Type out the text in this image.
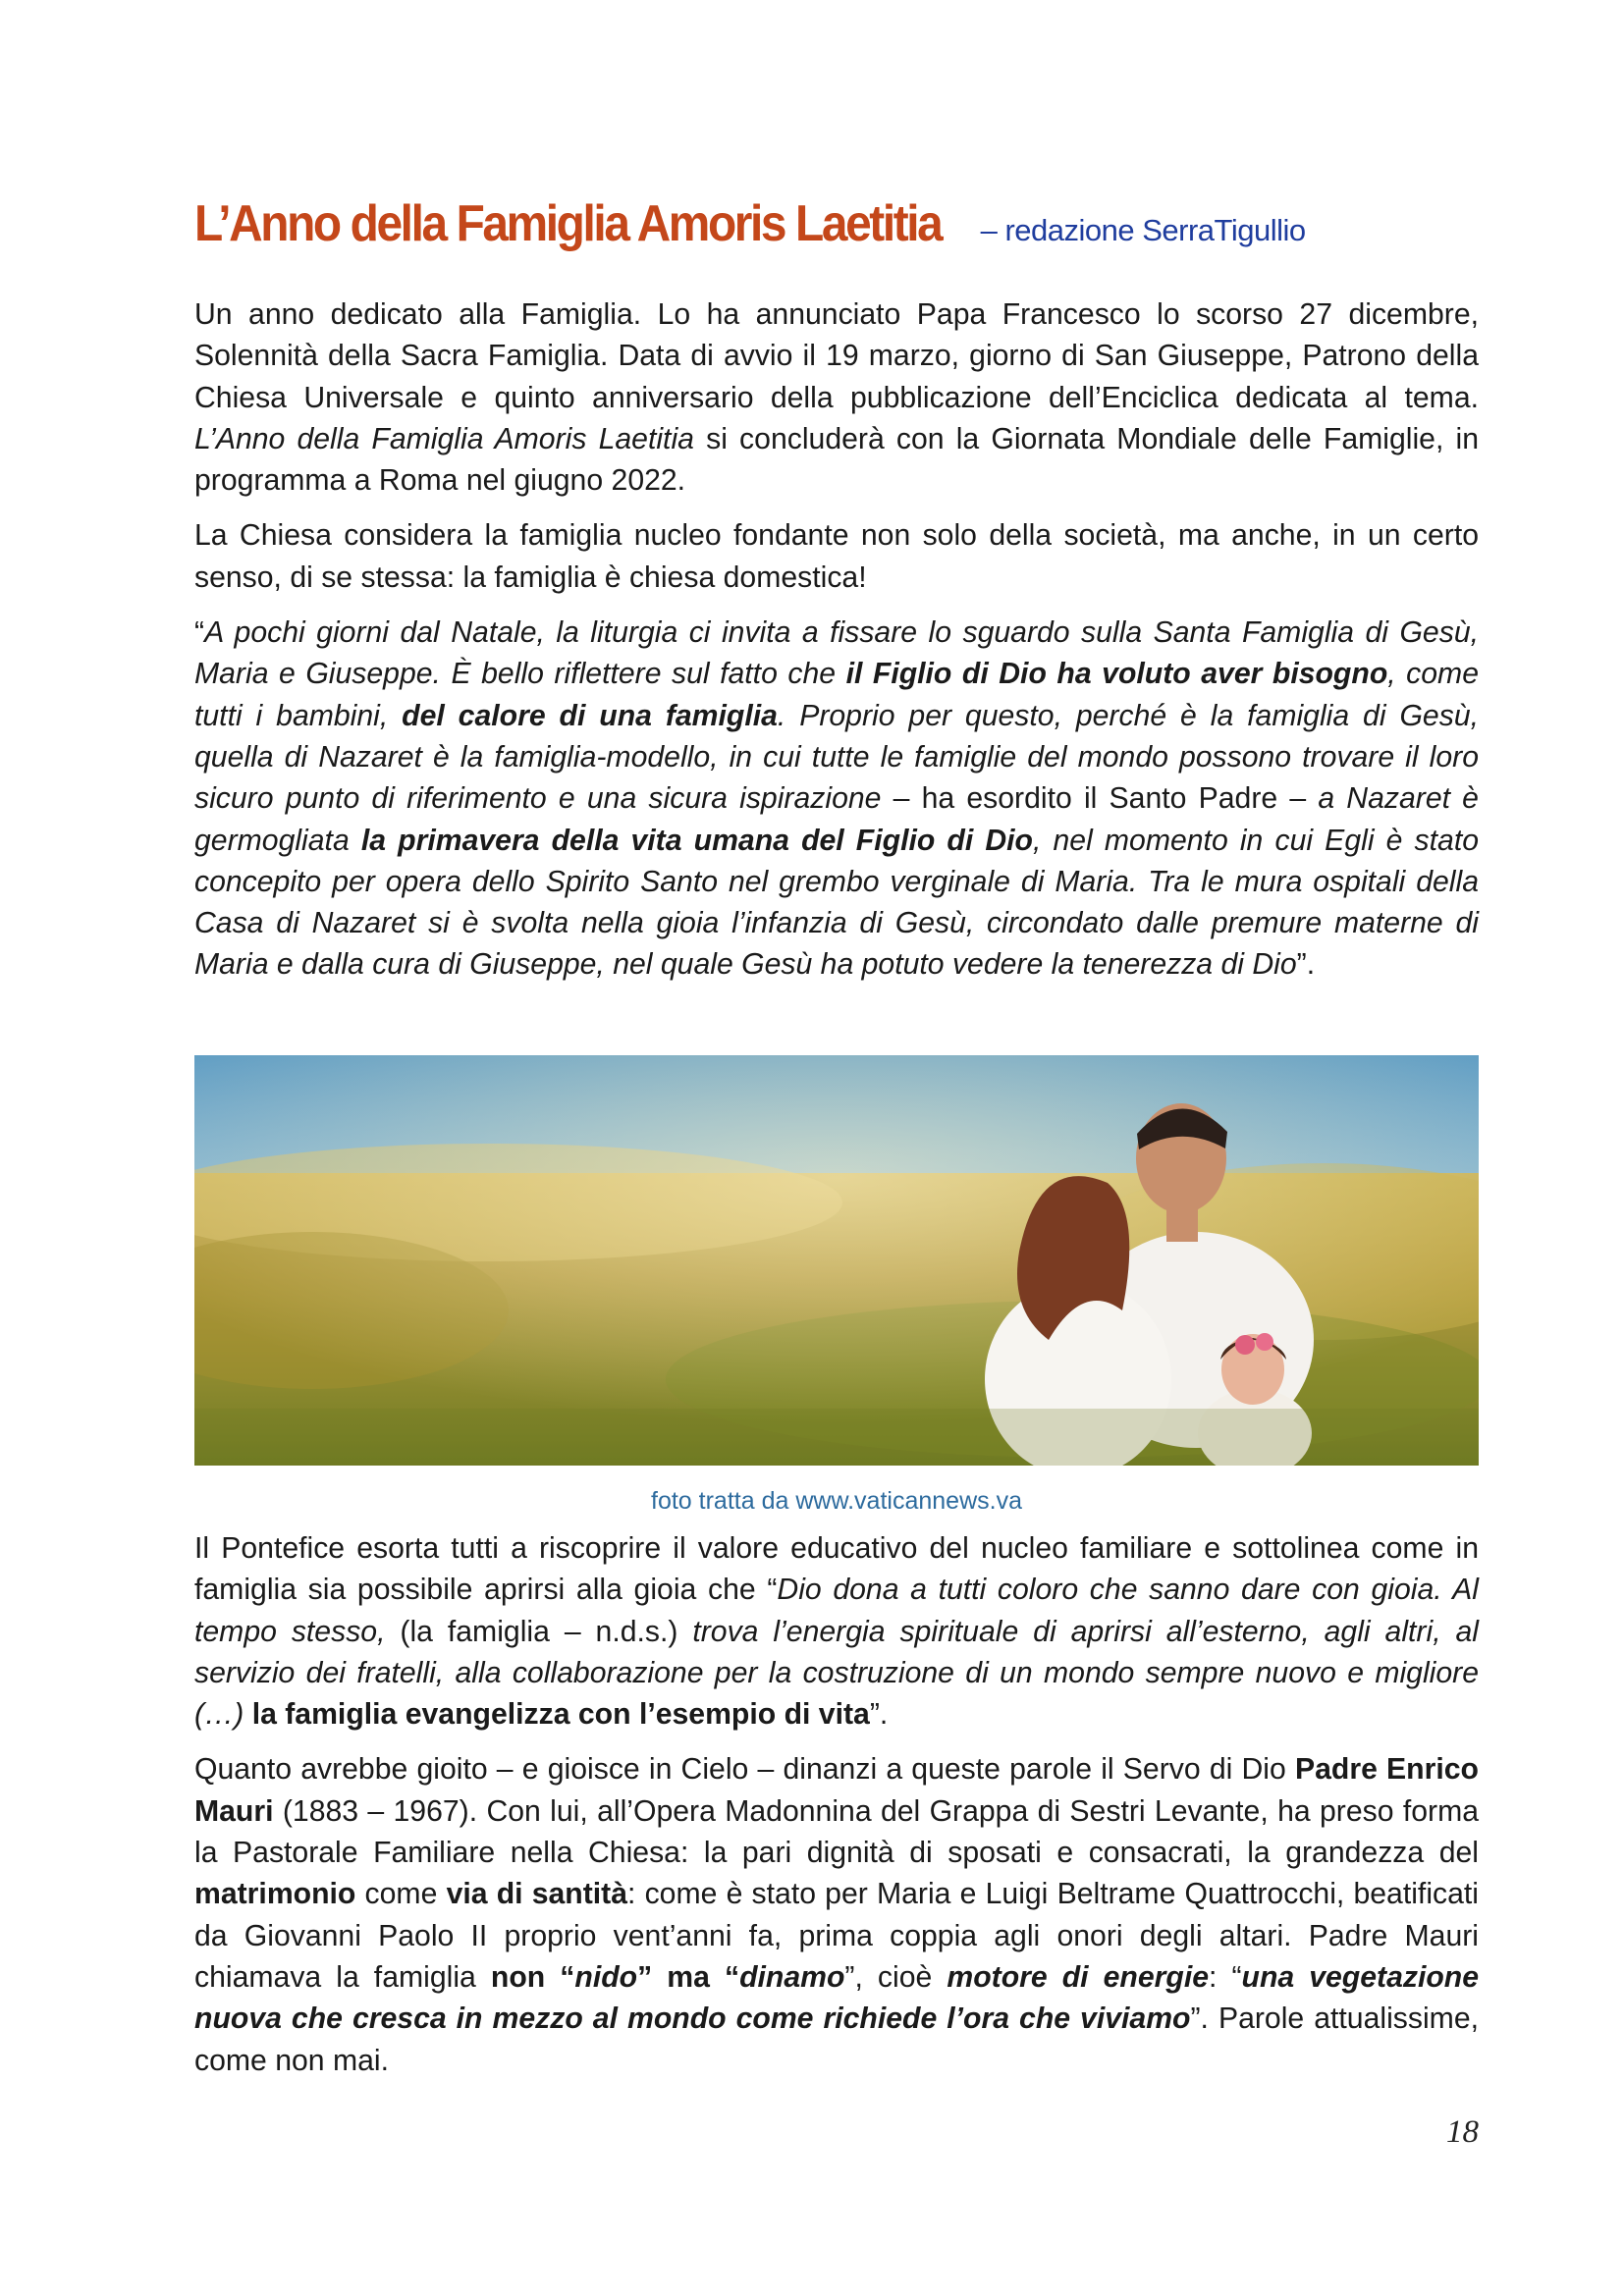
L’Anno della Famiglia Amoris Laetitia – redazione SerraTigullio

Un anno dedicato alla Famiglia. Lo ha annunciato Papa Francesco lo scorso 27 dicembre, Solennità della Sacra Famiglia. Data di avvio il 19 marzo, giorno di San Giuseppe, Patrono della Chiesa Universale e quinto anniversario della pubblicazione dell’Enciclica dedicata al tema. L’Anno della Famiglia Amoris Laetitia si concluderà con la Giornata Mondiale delle Famiglie, in programma a Roma nel giugno 2022.

La Chiesa considera la famiglia nucleo fondante non solo della società, ma anche, in un certo senso, di se stessa: la famiglia è chiesa domestica!

“A pochi giorni dal Natale, la liturgia ci invita a fissare lo sguardo sulla Santa Famiglia di Gesù, Maria e Giuseppe. È bello riflettere sul fatto che il Figlio di Dio ha voluto aver bisogno, come tutti i bambini, del calore di una famiglia. Proprio per questo, perché è la famiglia di Gesù, quella di Nazaret è la famiglia-modello, in cui tutte le famiglie del mondo possono trovare il loro sicuro punto di riferimento e una sicura ispirazione – ha esordito il Santo Padre – a Nazaret è germogliata la primavera della vita umana del Figlio di Dio, nel momento in cui Egli è stato concepito per opera dello Spirito Santo nel grembo verginale di Maria. Tra le mura ospitali della Casa di Nazaret si è svolta nella gioia l’infanzia di Gesù, circondato dalle premure materne di Maria e dalla cura di Giuseppe, nel quale Gesù ha potuto vedere la tenerezza di Dio”.

foto tratta da www.vaticannews.va

Il Pontefice esorta tutti a riscoprire il valore educativo del nucleo familiare e sottolinea come in famiglia sia possibile aprirsi alla gioia che “Dio dona a tutti coloro che sanno dare con gioia. Al tempo stesso, (la famiglia – n.d.s.) trova l’energia spirituale di aprirsi all’esterno, agli altri, al servizio dei fratelli, alla collaborazione per la costruzione di un mondo sempre nuovo e migliore (…) la famiglia evangelizza con l’esempio di vita”.

Quanto avrebbe gioito – e gioisce in Cielo – dinanzi a queste parole il Servo di Dio Padre Enrico Mauri (1883 – 1967). Con lui, all’Opera Madonnina del Grappa di Sestri Levante, ha preso forma la Pastorale Familiare nella Chiesa: la pari dignità di sposati e consacrati, la grandezza del matrimonio come via di santità: come è stato per Maria e Luigi Beltrame Quattrocchi, beatificati da Giovanni Paolo II proprio vent’anni fa, prima coppia agli onori degli altari. Padre Mauri chiamava la famiglia non “nido” ma “dinamo”, cioè motore di energie: “una vegetazione nuova che cresca in mezzo al mondo come richiede l’ora che viviamo”. Parole attualissime, come non mai.

18
